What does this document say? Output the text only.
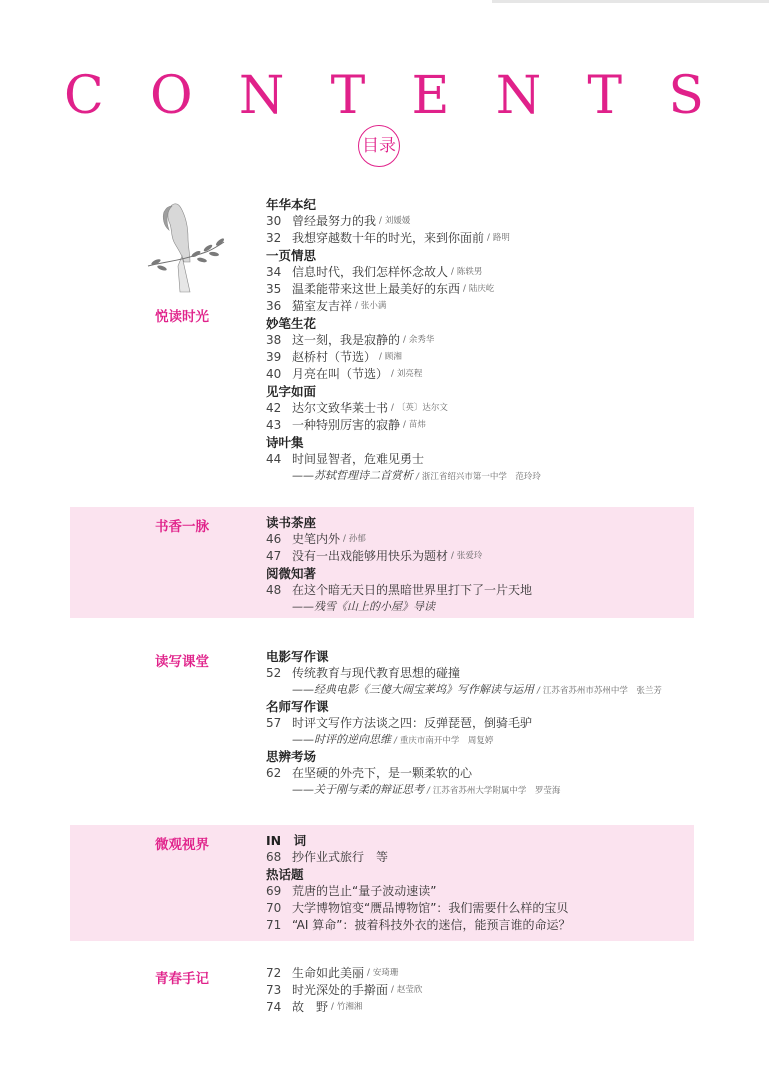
C O N T E N T S
目录
悦读时光
年华本纪
30 曾经最努力的我 / 刘媛媛
32 我想穿越数十年的时光，来到你面前 / 路明
一页情思
34 信息时代，我们怎样怀念故人 / 陈轶男
35 温柔能带来这世上最美好的东西 / 陆庆屹
36 猫室友吉祥 / 张小满
妙笔生花
38 这一刻，我是寂静的 / 余秀华
39 赵桥村（节选） / 顾湘
40 月亮在叫（节选） / 刘亮程
见字如面
42 达尔文致华莱士书 / 〔英〕达尔文
43 一种特别厉害的寂静 / 苗炜
诗叶集
44 时间显智者，危难见勇士
——苏轼哲理诗二首赏析 / 浙江省绍兴市第一中学　范玲玲
书香一脉	读书茶座
46 史笔内外 / 孙郁
47 没有一出戏能够用快乐为题材 / 张爱玲
阅微知著
48 在这个暗无天日的黑暗世界里打下了一片天地
——残雪《山上的小屋》导读
读写课堂	电影写作课
52 传统教育与现代教育思想的碰撞
——经典电影《三傻大闹宝莱坞》写作解读与运用 / 江苏省苏州市苏州中学　张兰芳
名师写作课
57 时评文写作方法谈之四：反弹琵琶，倒骑毛驴
——时评的逆向思维 / 重庆市南开中学　周复婷
思辨考场
62 在坚硬的外壳下，是一颗柔软的心
——关于刚与柔的辩证思考 / 江苏省苏州大学附属中学　罗莹海
微观视界	IN　词
68 抄作业式旅行　等
热话题
69 荒唐的岂止“量子波动速读”
70 大学博物馆变“赝品博物馆”：我们需要什么样的宝贝
71 “AI 算命”：披着科技外衣的迷信，能预言谁的命运？
青春手记	72 生命如此美丽 / 安琦珊
73 时光深处的手擀面 / 赵莹欣
74 故　野 / 竹湘湘
